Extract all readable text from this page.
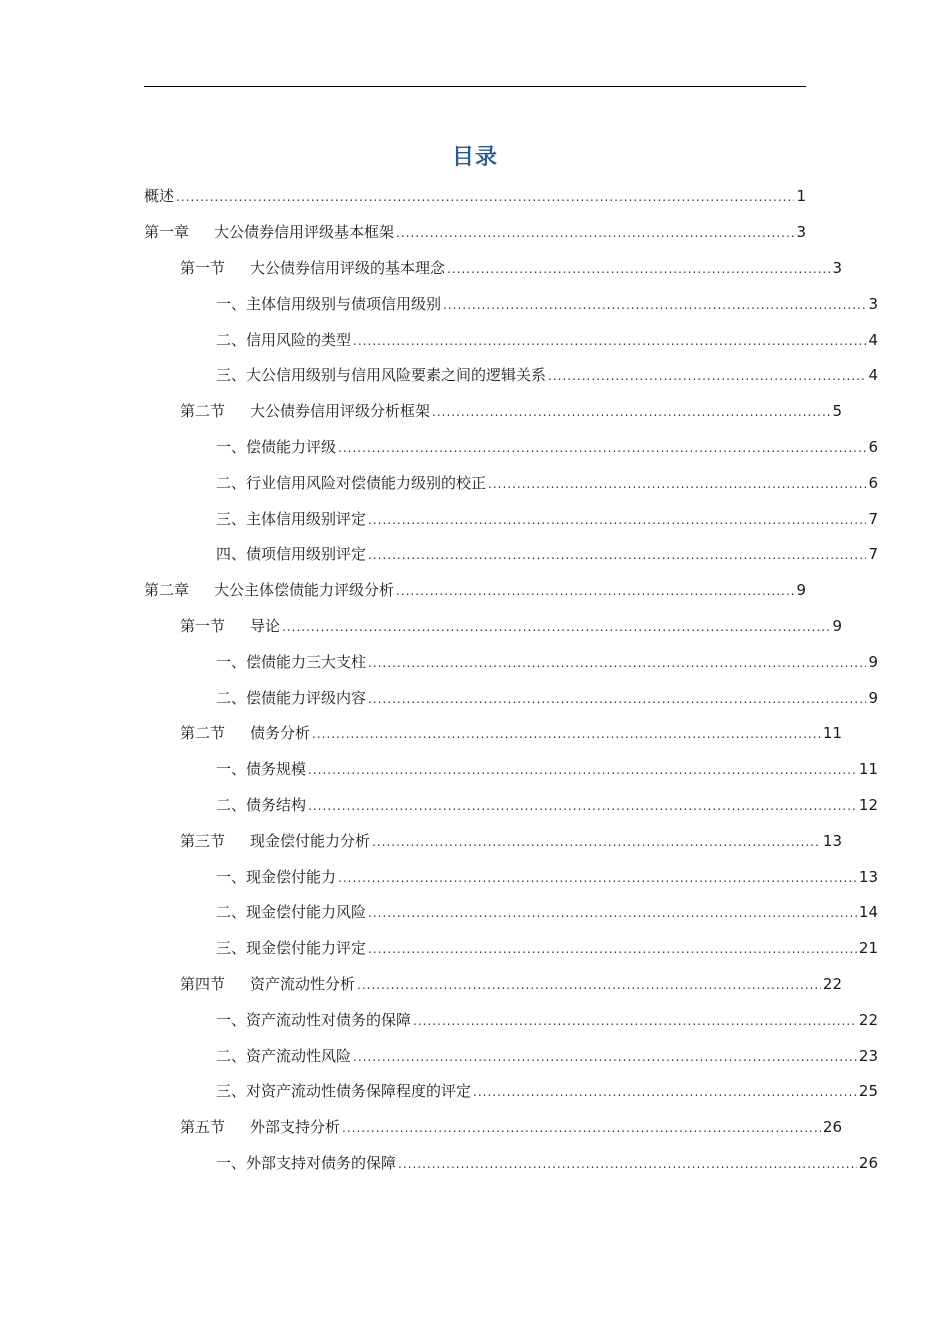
目录
概述 .....	1
第一章 大公债券信用评级基本框架 .....	3
第一节 大公债券信用评级的基本理念 .....	3
一、主体信用级别与债项信用级别 .....	3
二、信用风险的类型 .....	4
三、大公信用级别与信用风险要素之间的逻辑关系 .....	4
第二节 大公债券信用评级分析框架 .....	5
一、偿债能力评级 .....	6
二、行业信用风险对偿债能力级别的校正 .....	6
三、主体信用级别评定 .....	7
四、债项信用级别评定 .....	7
第二章 大公主体偿债能力评级分析 .....	9
第一节 导论 .....	9
一、偿债能力三大支柱 .....	9
二、偿债能力评级内容 .....	9
第二节 债务分析 .....	11
一、债务规模 .....	11
二、债务结构 .....	12
第三节 现金偿付能力分析 .....	13
一、现金偿付能力 .....	13
二、现金偿付能力风险 .....	14
三、现金偿付能力评定 .....	21
第四节 资产流动性分析 .....	22
一、资产流动性对债务的保障 .....	22
二、资产流动性风险 .....	23
三、对资产流动性债务保障程度的评定 .....	25
第五节 外部支持分析 .....	26
一、外部支持对债务的保障 .....	26
